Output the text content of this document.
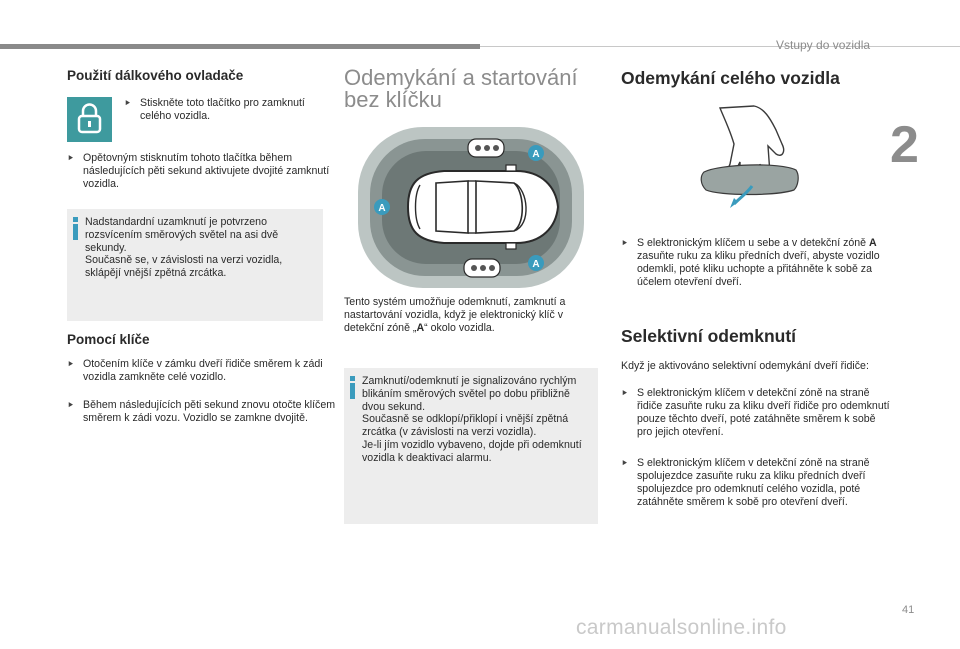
Vstupy do vozidla
2
Použití dálkového ovladače
⯈ Stiskněte toto tlačítko pro zamknutí celého vozidla.
⯈ Opětovným stisknutím tohoto tlačítka během následujících pěti sekund aktivujete dvojité zamknutí vozidla.
Nadstandardní uzamknutí je potvrzeno rozsvícením směrových světel na asi dvě sekundy.
Současně se, v závislosti na verzi vozidla, sklápějí vnější zpětná zrcátka.
Pomocí klíče
⯈ Otočením klíče v zámku dveří řidiče směrem k zádi vozidla zamkněte celé vozidlo.
⯈ Během následujících pěti sekund znovu otočte klíčem směrem k zádi vozu. Vozidlo se zamkne dvojitě.
Odemykání a startování
bez klíčku
A
A
A
Tento systém umožňuje odemknutí, zamknutí a nastartování vozidla, když je elektronický klíč v detekční zóně „A“ okolo vozidla.
Zamknutí/odemknutí je signalizováno rychlým blikáním směrových světel po dobu přibližně dvou sekund.
Současně se odklopí/přiklopí i vnější zpětná zrcátka (v závislosti na verzi vozidla).
Je-li jím vozidlo vybaveno, dojde při odemknutí vozidla k deaktivaci alarmu.
Odemykání celého vozidla
⯈ S elektronickým klíčem u sebe a v detekční zóně A zasuňte ruku za kliku předních dveří, abyste vozidlo odemkli, poté kliku uchopte a přitáhněte k sobě za účelem otevření dveří.
Selektivní odemknutí
Když je aktivováno selektivní odemykání dveří řidiče:
⯈ S elektronickým klíčem v detekční zóně na straně řidiče zasuňte ruku za kliku dveří řidiče pro odemknutí pouze těchto dveří, poté zatáhněte směrem k sobě pro jejich otevření.
⯈ S elektronickým klíčem v detekční zóně na straně spolujezdce zasuňte ruku za kliku předních dveří spolujezdce pro odemknutí celého vozidla, poté zatáhněte směrem k sobě pro otevření dveří.
41
carmanualsonline.info
